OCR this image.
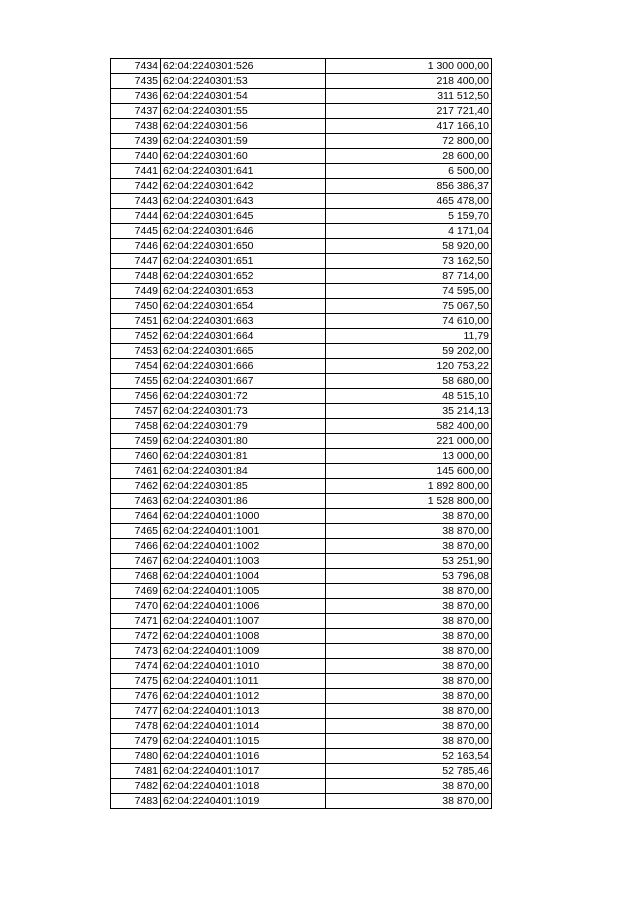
7434	62:04:2240301:526	1 300 000,00
7435	62:04:2240301:53	218 400,00
7436	62:04:2240301:54	311 512,50
7437	62:04:2240301:55	217 721,40
7438	62:04:2240301:56	417 166,10
7439	62:04:2240301:59	72 800,00
7440	62:04:2240301:60	28 600,00
7441	62:04:2240301:641	6 500,00
7442	62:04:2240301:642	856 386,37
7443	62:04:2240301:643	465 478,00
7444	62:04:2240301:645	5 159,70
7445	62:04:2240301:646	4 171,04
7446	62:04:2240301:650	58 920,00
7447	62:04:2240301:651	73 162,50
7448	62:04:2240301:652	87 714,00
7449	62:04:2240301:653	74 595,00
7450	62:04:2240301:654	75 067,50
7451	62:04:2240301:663	74 610,00
7452	62:04:2240301:664	11,79
7453	62:04:2240301:665	59 202,00
7454	62:04:2240301:666	120 753,22
7455	62:04:2240301:667	58 680,00
7456	62:04:2240301:72	48 515,10
7457	62:04:2240301:73	35 214,13
7458	62:04:2240301:79	582 400,00
7459	62:04:2240301:80	221 000,00
7460	62:04:2240301:81	13 000,00
7461	62:04:2240301:84	145 600,00
7462	62:04:2240301:85	1 892 800,00
7463	62:04:2240301:86	1 528 800,00
7464	62:04:2240401:1000	38 870,00
7465	62:04:2240401:1001	38 870,00
7466	62:04:2240401:1002	38 870,00
7467	62:04:2240401:1003	53 251,90
7468	62:04:2240401:1004	53 796,08
7469	62:04:2240401:1005	38 870,00
7470	62:04:2240401:1006	38 870,00
7471	62:04:2240401:1007	38 870,00
7472	62:04:2240401:1008	38 870,00
7473	62:04:2240401:1009	38 870,00
7474	62:04:2240401:1010	38 870,00
7475	62:04:2240401:1011	38 870,00
7476	62:04:2240401:1012	38 870,00
7477	62:04:2240401:1013	38 870,00
7478	62:04:2240401:1014	38 870,00
7479	62:04:2240401:1015	38 870,00
7480	62:04:2240401:1016	52 163,54
7481	62:04:2240401:1017	52 785,46
7482	62:04:2240401:1018	38 870,00
7483	62:04:2240401:1019	38 870,00
